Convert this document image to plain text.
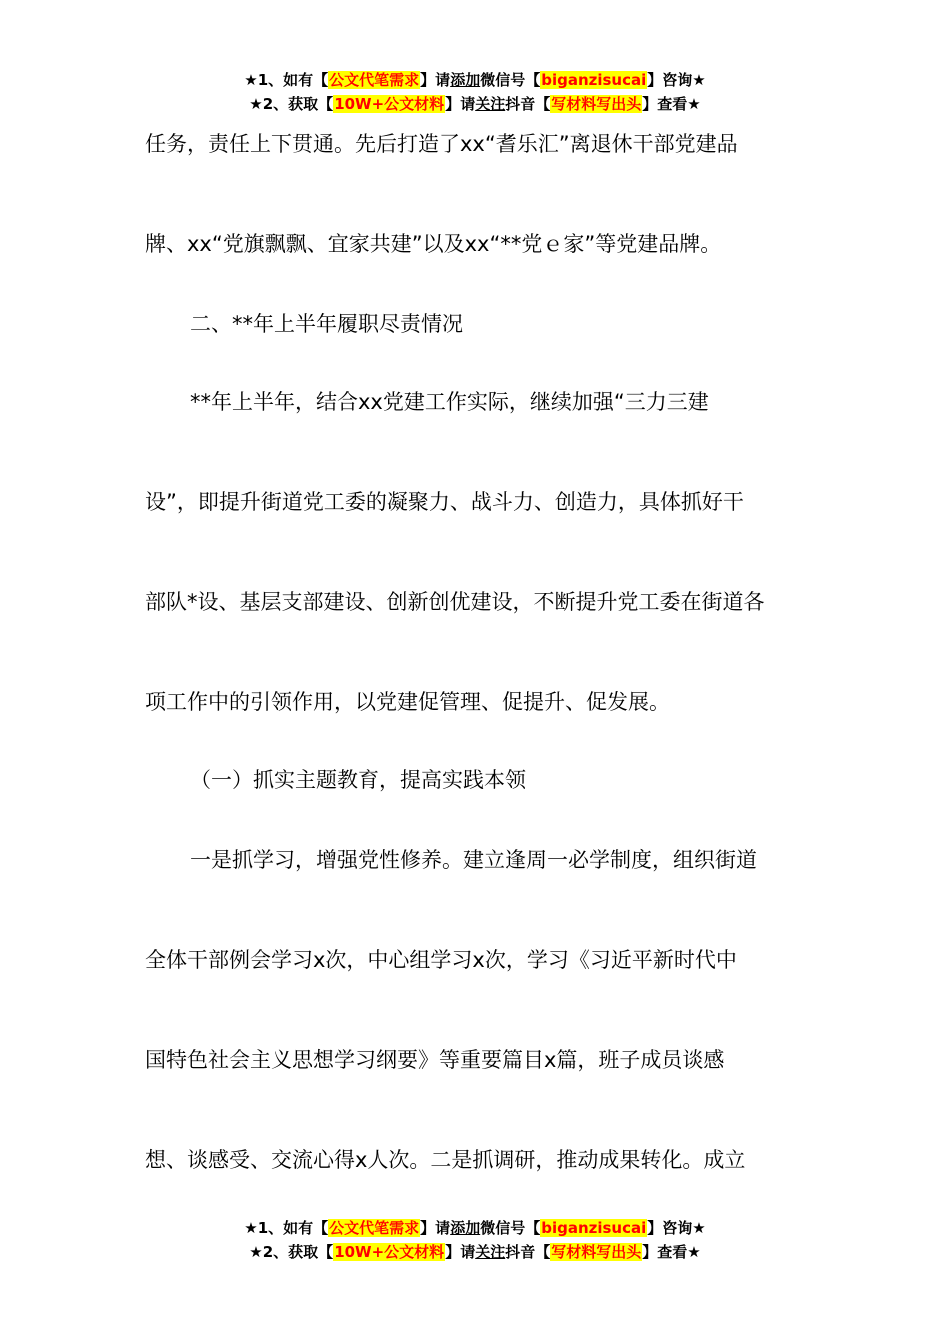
★1、如有【公文代笔需求】请添加微信号【biganzisucai】咨询★
★2、获取【10W+公文材料】请关注抖音【写材料写出头】查看★
任务，责任上下贯通。先后打造了xx“耆乐汇”离退休干部党建品
牌、xx“党旗飘飘、宜家共建”以及xx“**党ｅ家”等党建品牌。
二、**年上半年履职尽责情况
**年上半年，结合xx党建工作实际，继续加强“三力三建
设”，即提升街道党工委的凝聚力、战斗力、创造力，具体抓好干
部队*设、基层支部建设、创新创优建设，不断提升党工委在街道各
项工作中的引领作用，以党建促管理、促提升、促发展。
（一）抓实主题教育，提高实践本领
一是抓学习，增强党性修养。建立逢周一必学制度，组织街道
全体干部例会学习x次，中心组学习x次，学习《习近平新时代中
国特色社会主义思想学习纲要》等重要篇目x篇，班子成员谈感
想、谈感受、交流心得x人次。二是抓调研，推动成果转化。成立
★1、如有【公文代笔需求】请添加微信号【biganzisucai】咨询★
★2、获取【10W+公文材料】请关注抖音【写材料写出头】查看★
